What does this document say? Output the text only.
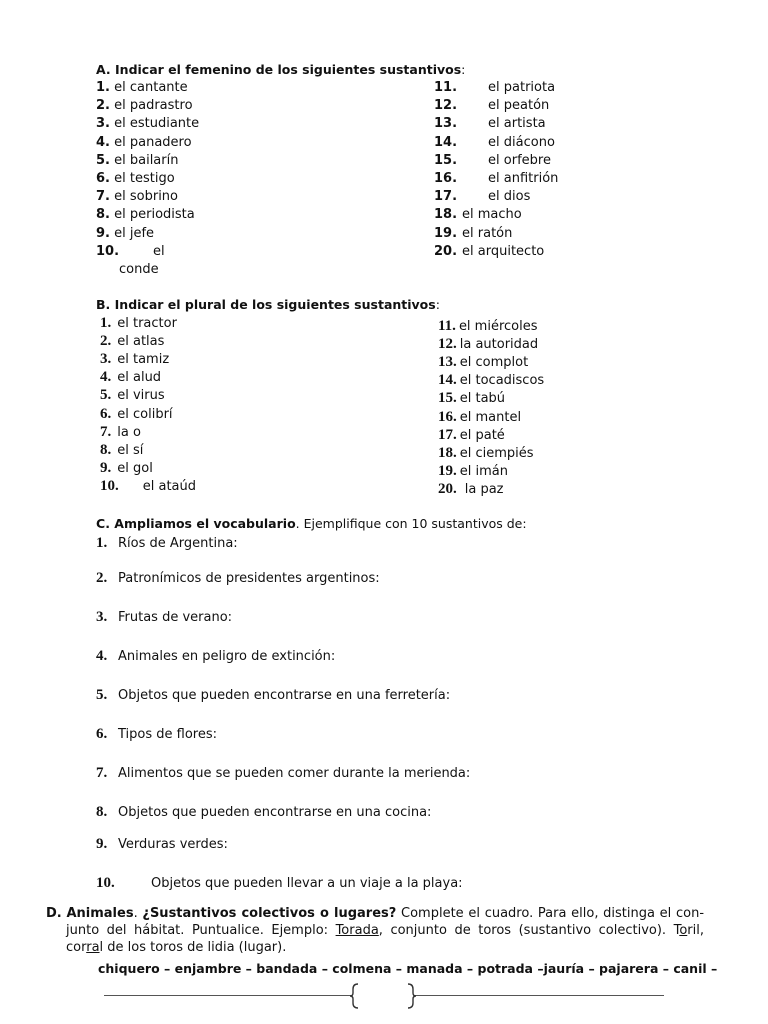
A. Indicar el femenino de los siguientes sustantivos:
1. el cantante
2. el padrastro
3. el estudiante
4. el panadero
5. el bailarín
6. el testigo
7. el sobrino
8. el periodista
9. el jefe
10.	el
conde
11. el patriota
12. el peatón
13. el artista
14. el diácono
15. el orfebre
16. el anfitrión
17. el dios
18. el macho
19. el ratón
20. el arquitecto
B. Indicar el plural de los siguientes sustantivos:
1. el tractor
2. el atlas
3. el tamiz
4. el alud
5. el virus
6. el colibrí
7. la o
8. el sí
9. el gol
10. el ataúd
11. el miércoles
12. la autoridad
13. el complot
14. el tocadiscos
15. el tabú
16. el mantel
17. el paté
18. el ciempiés
19. el imán
20. la paz
C. Ampliamos el vocabulario. Ejemplifique con 10 sustantivos de:
1. Ríos de Argentina:
2. Patronímicos de presidentes argentinos:
3. Frutas de verano:
4. Animales en peligro de extinción:
5. Objetos que pueden encontrarse en una ferretería:
6. Tipos de flores:
7. Alimentos que se pueden comer durante la merienda:
8. Objetos que pueden encontrarse en una cocina:
9. Verduras verdes:
10.	Objetos que pueden llevar a un viaje a la playa:
D. Animales. ¿Sustantivos colectivos o lugares? Complete el cuadro. Para ello, distinga el con-
junto del hábitat. Puntualice. Ejemplo: Torada, conjunto de toros (sustantivo colectivo). Toril,
corral de los toros de lidia (lugar).
chiquero – enjambre – bandada – colmena – manada – potrada –jauría – pajarera – canil –
